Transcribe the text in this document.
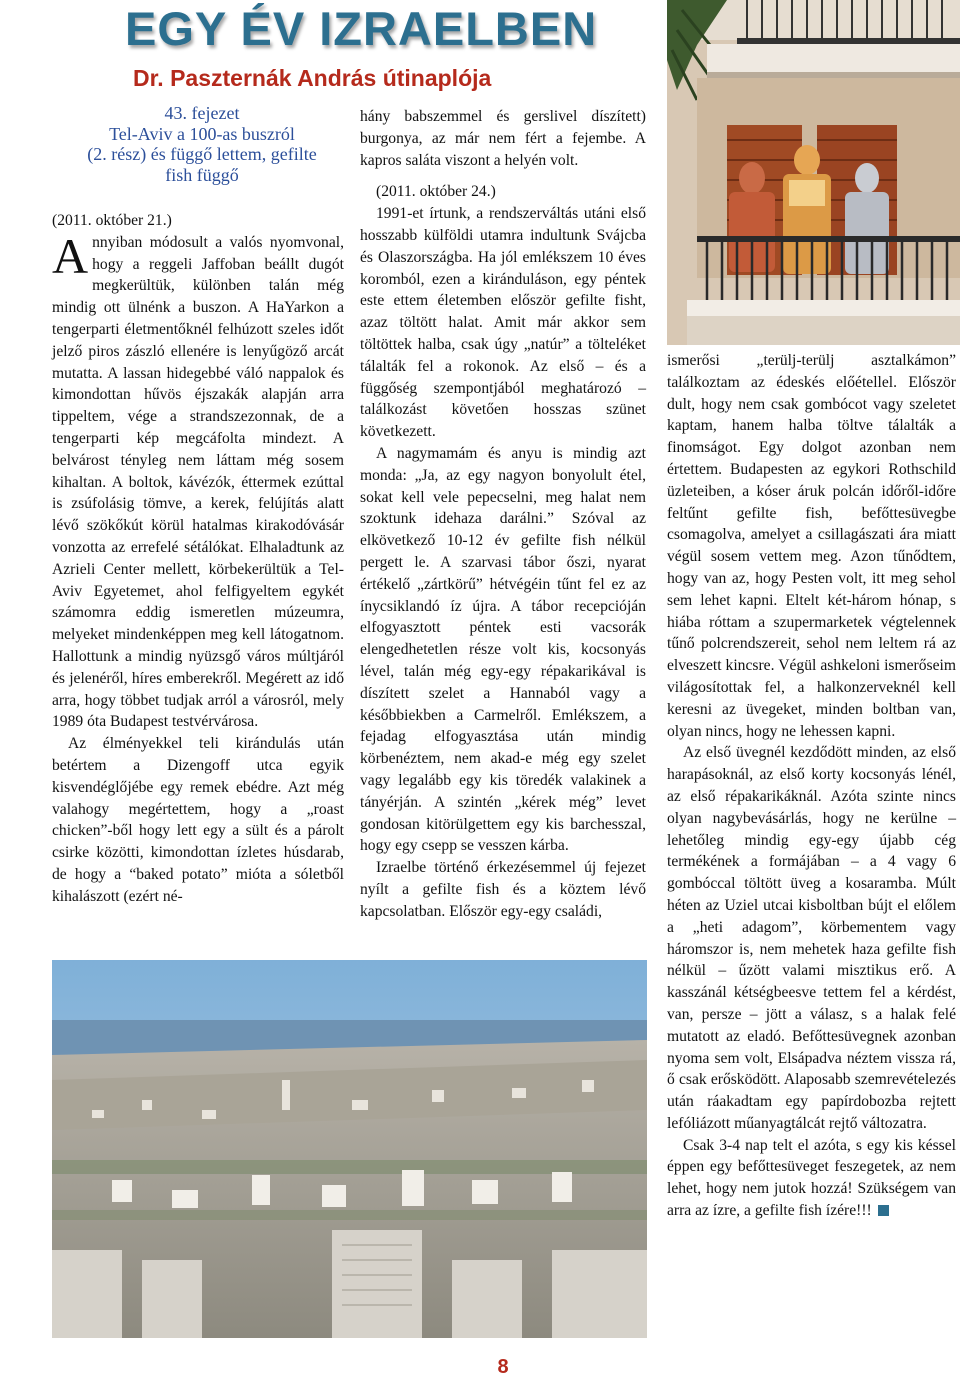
EGY ÉV IZRAELBEN
Dr. Paszternák András útinaplója
43. fejezet
Tel-Aviv a 100-as buszról
(2. rész) és függő lettem, gefilte
fish függő

(2011. október 21.)

Annyiban módosult a valós nyomvonal, hogy a reggeli Jaffoban beállt dugót megkerültük, különben talán még mindig ott ülnénk a buszon. A HaYarkon a tengerparti életmentőknél felhúzott szeles időt jelző piros zászló ellenére is lenyűgöző arcát mutatta. A lassan hidegebbé váló nappalok és kimondottan hűvös éjszakák alapján arra tippeltem, vége a strandszezonnak, de a tengerparti kép megcáfolta mindezt. A belvárost tényleg nem láttam még sosem kihaltan. A boltok, kávézók, éttermek ezúttal is zsúfolásig tömve, a kerek, felújítás alatt lévő szökőkút körül hatalmas kirakodóvásár vonzotta az errefelé sétálókat. Elhaladtunk az Azrieli Center mellett, körbekerültük a Tel-Aviv Egyetemet, ahol felfigyeltem egykét számomra eddig ismeretlen múzeumra, melyeket mindenképpen meg kell látogatnom. Hallottunk a mindig nyüzsgő város múltjáról és jelenéről, híres emberekről. Megérett az idő arra, hogy többet tudjak arról a városról, mely 1989 óta Budapest testvérvárosa.

Az élményekkel teli kirándulás után betértem a Dizengoff utca egyik kisvendéglőjébe egy remek ebédre. Azt még valahogy megértettem, hogy a „roast chicken”-ből hogy lett egy a sült és a párolt csirke közötti, kimondottan ízletes húsdarab, de hogy a “baked potato” mióta a sóletből kihalászott (ezért né-

hány babszemmel és gerslivel díszített) burgonya, az már nem fért a fejembe. A kapros saláta viszont a helyén volt.

(2011. október 24.)

1991-et írtunk, a rendszerváltás utáni első hosszabb külföldi utamra indultunk Svájcba és Olaszországba. Ha jól emlékszem 10 éves koromból, ezen a kiránduláson, egy péntek este ettem életemben először gefilte fisht, azaz töltött halat. Amit már akkor sem töltöttek halba, csak úgy „natúr” a tölteléket tálalták fel a rokonok. Az első – és a függőség szempontjából meghatározó – találkozást követően hosszas szünet következett.

A nagymamám és anyu is mindig azt monda: „Ja, az egy nagyon bonyolult étel, sokat kell vele pepecselni, meg halat nem szoktunk idehaza darálni.” Szóval az elkövetkező 10-12 év gefilte fish nélkül pergett le. A szarvasi tábor őszi, nyarat értékelő „zártkörű” hétvégéin tűnt fel ez az ínycsiklandó íz újra. A tábor recepcióján elfogyasztott péntek esti vacsorák elengedhetetlen része volt kis, kocsonyás lével, talán még egy-egy répakarikával is díszített szelet a Hannaból vagy a későbbiekben a Carmelről. Emlékszem, a fejadag elfogyasztása után mindig körbenéztem, nem akad-e még egy szelet vagy legalább egy kis töredék valakinek a tányérján. A szintén „kérek még” levet gondosan kitörülgettem egy kis barchesszal, hogy egy csepp se vesszen kárba.

Izraelbe történő érkezésemmel új fejezet nyílt a gefilte fish és a köztem lévő kapcsolatban. Először egy-egy családi,

ismerősi „terülj-terülj asztalkámon” találkoztam az édeskés előétellel. Először dult, hogy nem csak gombócot vagy szeletet kaptam, hanem halba töltve tálalták a finomságot. Egy dolgot azonban nem értettem. Budapesten az egykori Rothschild üzleteiben, a kóser áruk polcán időről-időre feltűnt gefilte fish, befőttesüvegbe csomagolva, amelyet a csillagászati ára miatt végül sosem vettem meg. Azon tűnődtem, hogy van az, hogy Pesten volt, itt meg sehol sem lehet kapni. Eltelt két-három hónap, s hiába róttam a szupermarketek végtelennek tűnő polcrendszereit, sehol nem leltem rá az elveszett kincsre. Végül ashkeloni ismerőseim világosítottak fel, a halkonzerveknél kell keresni az üvegeket, minden boltban van, olyan nincs, hogy ne lehessen kapni.

Az első üvegnél kezdődött minden, az első harapásoknál, az első korty kocsonyás lénél, az első répakarikáknál. Azóta szinte nincs olyan nagybevásárlás, hogy ne kerülne – lehetőleg mindig egy-egy újabb cég termékének a formájában – a 4 vagy 6 gombóccal töltött üveg a kosaramba. Múlt héten az Uziel utcai kisboltban bújt el előlem a „heti adagom”, körbementem vagy háromszor is, nem mehetek haza gefilte fish nélkül – űzött valami misztikus erő. A kasszánál kétségbeesve tettem fel a kérdést, van, persze – jött a válasz, s a halak felé mutatott az eladó. Befőttesüvegnek azonban nyoma sem volt, Elsápadva néztem vissza rá, ő csak erősködött. Alaposabb szemrevételezés után ráakadtam egy papírdobozba rejtett lefóliázott műanyagtálcát rejtő változatra.

Csak 3-4 nap telt el azóta, s egy kis késsel éppen egy befőttesüveget feszegetek, az nem lehet, hogy nem jutok hozzá! Szükségem van arra az ízre, a gefilte fish ízére!!!

8
